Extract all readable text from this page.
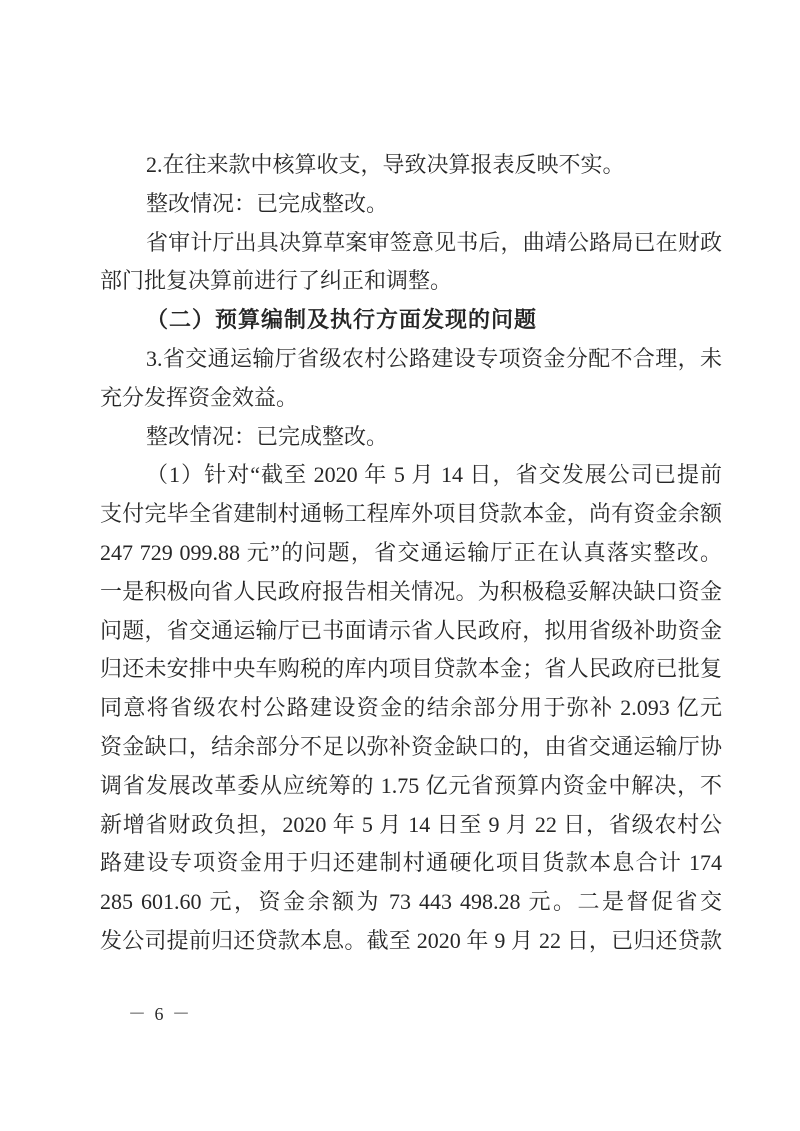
2.在往来款中核算收支，导致决算报表反映不实。
整改情况：已完成整改。
省审计厅出具决算草案审签意见书后，曲靖公路局已在财政
部门批复决算前进行了纠正和调整。
（二）预算编制及执行方面发现的问题
3.省交通运输厅省级农村公路建设专项资金分配不合理，未
充分发挥资金效益。
整改情况：已完成整改。
（1）针对“截至 2020 年 5 月 14 日，省交发展公司已提前
支付完毕全省建制村通畅工程库外项目贷款本金，尚有资金余额
247 729 099.88 元”的问题，省交通运输厅正在认真落实整改。
一是积极向省人民政府报告相关情况。为积极稳妥解决缺口资金
问题，省交通运输厅已书面请示省人民政府，拟用省级补助资金
归还未安排中央车购税的库内项目贷款本金；省人民政府已批复
同意将省级农村公路建设资金的结余部分用于弥补 2.093 亿元
资金缺口，结余部分不足以弥补资金缺口的，由省交通运输厅协
调省发展改革委从应统筹的 1.75 亿元省预算内资金中解决，不
新增省财政负担，2020 年 5 月 14 日至 9 月 22 日，省级农村公
路建设专项资金用于归还建制村通硬化项目货款本息合计 174
285 601.60 元，资金余额为 73 443 498.28 元。二是督促省交
发公司提前归还贷款本息。截至 2020 年 9 月 22 日，已归还贷款
－ 6 －
